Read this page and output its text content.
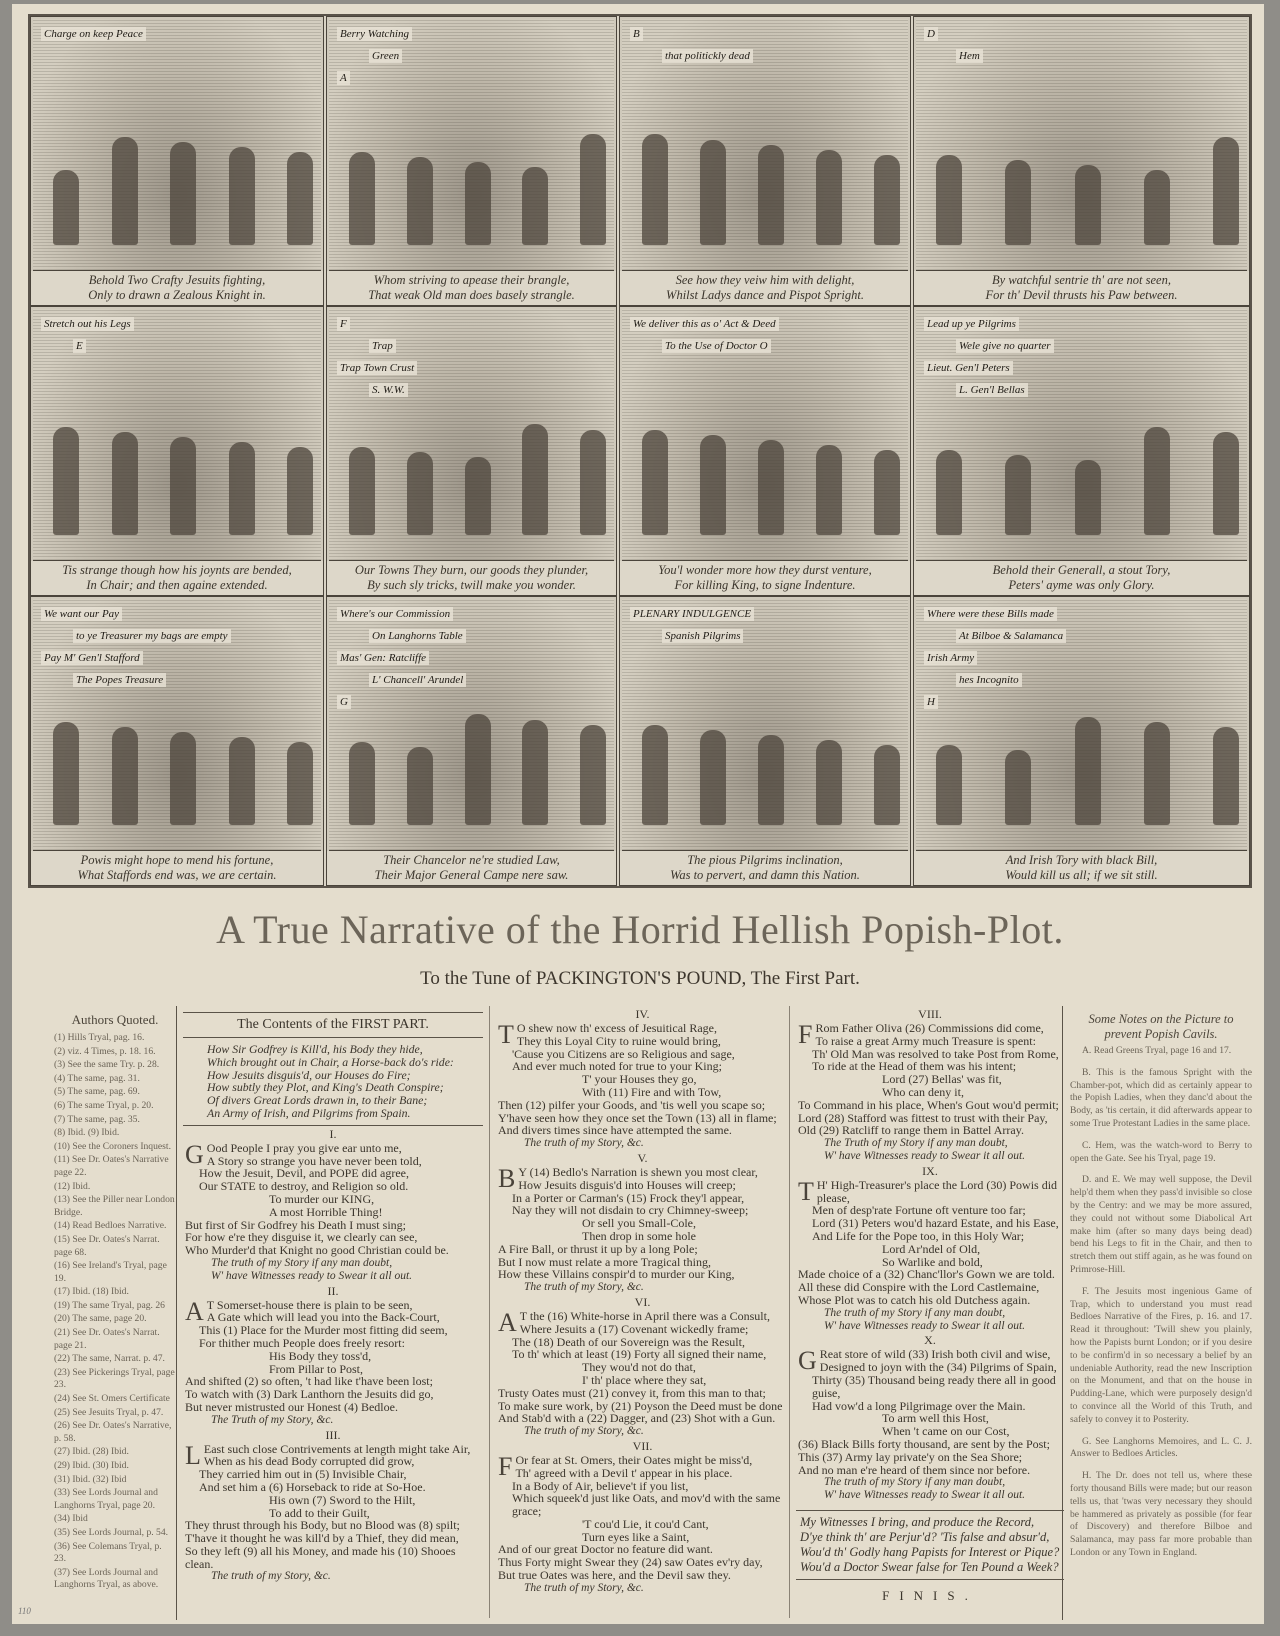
Charge on keep Peace
Behold Two Crafty Jesuits fighting,
Only to drawn a Zealous Knight in.
Berry Watching
Green
A
Whom striving to apease their brangle,
That weak Old man does basely strangle.
B
that politickly dead
See how they veiw him with delight,
Whilst Ladys dance and Pispot Spright.
D
Hem
By watchful sentrie th' are not seen,
For th' Devil thrusts his Paw between.
Stretch out his Legs
E
Tis strange though how his joynts are bended,
In Chair; and then againe extended.
F
Trap
Trap Town Crust
S. W.W.
Our Towns They burn, our goods they plunder,
By such sly tricks, twill make you wonder.
We deliver this as o' Act & Deed
To the Use of Doctor O
You'l wonder more how they durst venture,
For killing King, to signe Indenture.
Lead up ye Pilgrims
Wele give no quarter
Lieut. Gen'l Peters
L. Gen'l Bellas
Behold their Generall, a stout Tory,
Peters' ayme was only Glory.
We want our Pay
to ye Treasurer my bags are empty
Pay M' Gen'l Stafford
The Popes Treasure
Powis might hope to mend his fortune,
What Staffords end was, we are certain.
Where's our Commission
On Langhorns Table
Mas' Gen: Ratcliffe
L' Chancell' Arundel
G
Their Chancelor ne're studied Law,
Their Major General Campe nere saw.
PLENARY INDULGENCE
Spanish Pilgrims
The pious Pilgrims inclination,
Was to pervert, and damn this Nation.
Where were these Bills made
At Bilboe & Salamanca
Irish Army
hes Incognito
H
And Irish Tory with black Bill,
Would kill us all; if we sit still.
A True Narrative of the Horrid Hellish Popish-Plot.
To the Tune of PACKINGTON'S POUND, The First Part.
Authors Quoted.
(1) Hills Tryal, pag. 16.
(2) viz. 4 Times, p. 18. 16.
(3) See the same Try. p. 28.
(4) The same, pag. 31.
(5) The same, pag. 69.
(6) The same Tryal, p. 20.
(7) The same, pag. 35.
(8) Ibid. (9) Ibid.
(10) See the Coroners Inquest.
(11) See Dr. Oates's Narrative page 22.
(12) Ibid.
(13) See the Piller near London Bridge.
(14) Read Bedloes Narrative.
(15) See Dr. Oates's Narrat. page 68.
(16) See Ireland's Tryal, page 19.
(17) Ibid. (18) Ibid.
(19) The same Tryal, pag. 26
(20) The same, page 20.
(21) See Dr. Oates's Narrat. page 21.
(22) The same, Narrat. p. 47.
(23) See Pickerings Tryal, page 23.
(24) See St. Omers Certificate
(25) See Jesuits Tryal, p. 47.
(26) See Dr. Oates's Narrative, p. 58.
(27) Ibid. (28) Ibid.
(29) Ibid. (30) Ibid.
(31) Ibid. (32) Ibid
(33) See Lords Journal and Langhorns Tryal, page 20.
(34) Ibid
(35) See Lords Journal, p. 54.
(36) See Colemans Tryal, p. 23.
(37) See Lords Journal and Langhorns Tryal, as above.
The Contents of the FIRST PART.
How Sir Godfrey is Kill'd, his Body they hide,
Which brought out in Chair, a Horse-back do's ride:
How Jesuits disguis'd, our Houses do Fire;
How subtly they Plot, and King's Death Conspire;
Of divers Great Lords drawn in, to their Bane;
An Army of Irish, and Pilgrims from Spain.
I.
GOod People I pray you give ear unto me,
A Story so strange you have never been told,
How the Jesuit, Devil, and POPE did agree,
Our STATE to destroy, and Religion so old.
To murder our KING,
A most Horrible Thing!
But first of Sir Godfrey his Death I must sing;
For how e're they disguise it, we clearly can see,
Who Murder'd that Knight no good Christian could be.
The truth of my Story if any man doubt,
W' have Witnesses ready to Swear it all out.
II.
AT Somerset-house there is plain to be seen,
A Gate which will lead you into the Back-Court,
This (1) Place for the Murder most fitting did seem,
For thither much People does freely resort:
His Body they toss'd,
From Pillar to Post,
And shifted (2) so often, 't had like t'have been lost;
To watch with (3) Dark Lanthorn the Jesuits did go,
But never mistrusted our Honest (4) Bedloe.
The Truth of my Story, &c.
III.
LEast such close Contrivements at length might take Air,
When as his dead Body corrupted did grow,
They carried him out in (5) Invisible Chair,
And set him a (6) Horseback to ride at So-Hoe.
His own (7) Sword to the Hilt,
To add to their Guilt,
They thrust through his Body, but no Blood was (8) spilt;
T'have it thought he was kill'd by a Thief, they did mean,
So they left (9) all his Money, and made his (10) Shooes clean.
The truth of my Story, &c.
IV.
TO shew now th' excess of Jesuitical Rage,
They this Loyal City to ruine would bring,
'Cause you Citizens are so Religious and sage,
And ever much noted for true to your King;
T' your Houses they go,
With (11) Fire and with Tow,
Then (12) pilfer your Goods, and 'tis well you scape so;
Y'have seen how they once set the Town (13) all in flame;
And divers times since have attempted the same.
The truth of my Story, &c.
V.
BY (14) Bedlo's Narration is shewn you most clear,
How Jesuits disguis'd into Houses will creep;
In a Porter or Carman's (15) Frock they'l appear,
Nay they will not disdain to cry Chimney-sweep;
Or sell you Small-Cole,
Then drop in some hole
A Fire Ball, or thrust it up by a long Pole;
But I now must relate a more Tragical thing,
How these Villains conspir'd to murder our King,
The truth of my Story, &c.
VI.
AT the (16) White-horse in April there was a Consult,
Where Jesuits a (17) Covenant wickedly frame;
The (18) Death of our Sovereign was the Result,
To th' which at least (19) Forty all signed their name,
They wou'd not do that,
I' th' place where they sat,
Trusty Oates must (21) convey it, from this man to that;
To make sure work, by (21) Poyson the Deed must be done
And Stab'd with a (22) Dagger, and (23) Shot with a Gun.
The truth of my Story, &c.
VII.
FOr fear at St. Omers, their Oates might be miss'd,
Th' agreed with a Devil t' appear in his place.
In a Body of Air, believe't if you list,
Which squeek'd just like Oats, and mov'd with the same grace;
'T cou'd Lie, it cou'd Cant,
Turn eyes like a Saint,
And of our great Doctor no feature did want.
Thus Forty might Swear they (24) saw Oates ev'ry day,
But true Oates was here, and the Devil saw they.
The truth of my Story, &c.
VIII.
FRom Father Oliva (26) Commissions did come,
To raise a great Army much Treasure is spent:
Th' Old Man was resolved to take Post from Rome,
To ride at the Head of them was his intent;
Lord (27) Bellas' was fit,
Who can deny it,
To Command in his place, When's Gout wou'd permit;
Lord (28) Stafford was fittest to trust with their Pay,
Old (29) Ratcliff to range them in Battel Array.
The Truth of my Story if any man doubt,
W' have Witnesses ready to Swear it all out.
IX.
TH' High-Treasurer's place the Lord (30) Powis did please,
Men of desp'rate Fortune oft venture too far;
Lord (31) Peters wou'd hazard Estate, and his Ease,
And Life for the Pope too, in this Holy War;
Lord Ar'ndel of Old,
So Warlike and bold,
Made choice of a (32) Chanc'llor's Gown we are told.
All these did Conspire with the Lord Castlemaine,
Whose Plot was to catch his old Dutchess again.
The truth of my Story if any man doubt,
W' have Witnesses ready to Swear it all out.
X.
GReat store of wild (33) Irish both civil and wise,
Designed to joyn with the (34) Pilgrims of Spain,
Thirty (35) Thousand being ready there all in good guise,
Had vow'd a long Pilgrimage over the Main.
To arm well this Host,
When 't came on our Cost,
(36) Black Bills forty thousand, are sent by the Post;
This (37) Army lay private'y on the Sea Shore;
And no man e're heard of them since nor before.
The truth of my Story if any man doubt,
W' have Witnesses ready to Swear it all out.
My Witnesses I bring, and produce the Record,
D'ye think th' are Perjur'd? 'Tis false and absur'd,
Wou'd th' Godly hang Papists for Interest or Pique?
Wou'd a Doctor Swear false for Ten Pound a Week?
FINIS.
Some Notes on the Picture to prevent Popish Cavils.

A. Read Greens Tryal, page 16 and 17.

B. This is the famous Spright with the Chamber-pot, which did as certainly appear to the Popish Ladies, when they danc'd about the Body, as 'tis certain, it did afterwards appear to some True Protestant Ladies in the same place.

C. Hem, was the watch-word to Berry to open the Gate. See his Tryal, page 19.

D. and E. We may well suppose, the Devil help'd them when they pass'd invisible so close by the Centry: and we may be more assured, they could not without some Diabolical Art make him (after so many days being dead) bend his Legs to fit in the Chair, and then to stretch them out stiff again, as he was found on Primrose-Hill.

F. The Jesuits most ingenious Game of Trap, which to understand you must read Bedloes Narrative of the Fires, p. 16. and 17. Read it throughout: 'Twill shew you plainly, how the Papists burnt London; or if you desire to be confirm'd in so necessary a belief by an undeniable Authority, read the new Inscription on the Monument, and that on the house in Pudding-Lane, which were purposely design'd to convince all the World of this Truth, and safely to convey it to Posterity.

G. See Langhorns Memoires, and L. C. J. Answer to Bedloes Articles.

H. The Dr. does not tell us, where these forty thousand Bills were made; but our reason tells us, that 'twas very necessary they should be hammered as privately as possible (for fear of Discovery) and therefore Bilboe and Salamanca, may pass far more probable than London or any Town in England.

110
